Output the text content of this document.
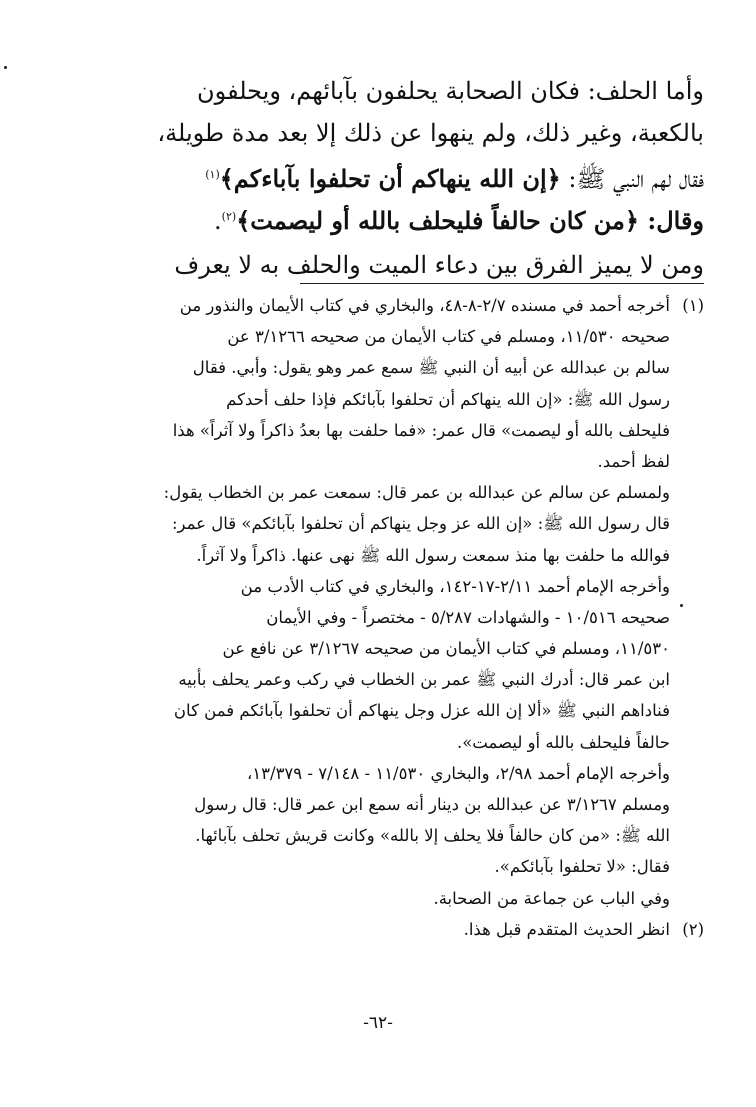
وأما الحلف: فكان الصحابة يحلفون بآبائهم، ويحلفون
بالكعبة، وغير ذلك، ولم ينهوا عن ذلك إلا بعد مدة طويلة،
فقال لهم النبي ﷺ: ﴿إن الله ينهاكم أن تحلفوا بآباءكم﴾$^{(١)}$
وقال: ﴿من كان حالفاً فليحلف بالله أو ليصمت﴾$^{(٢)}$.
ومن لا يميز الفرق بين دعاء الميت والحلف به لا يعرف
(١)
أخرجه أحمد في مسنده ٢/٧-٨-٤٨، والبخاري في كتاب الأيمان والنذور من
صحيحه ١١/٥٣٠، ومسلم في كتاب الأيمان من صحيحه ٣/١٢٦٦ عن
سالم بن عبدالله عن أبيه أن النبي ﷺ سمع عمر وهو يقول: وأبي. فقال
رسول الله ﷺ: «إن الله ينهاكم أن تحلفوا بآبائكم فإذا حلف أحدكم
فليحلف بالله أو ليصمت» قال عمر: «فما حلفت بها بعدُ ذاكراً ولا آثراً» هذا
لفظ أحمد.
ولمسلم عن سالم عن عبدالله بن عمر قال: سمعت عمر بن الخطاب يقول:
قال رسول الله ﷺ: «إن الله عز وجل ينهاكم أن تحلفوا بآبائكم» قال عمر:
فوالله ما حلفت بها منذ سمعت رسول الله ﷺ نهى عنها. ذاكراً ولا آثراً.
وأخرجه الإمام أحمد ٢/١١-١٧-١٤٢، والبخاري في كتاب الأدب من
صحيحه ١٠/٥١٦ - والشهادات ٥/٢٨٧ - مختصراً - وفي الأيمان
١١/٥٣٠، ومسلم في كتاب الأيمان من صحيحه ٣/١٢٦٧ عن نافع عن
ابن عمر قال: أدرك النبي ﷺ عمر بن الخطاب في ركب وعمر يحلف بأبيه
فناداهم النبي ﷺ «ألا إن الله عزل وجل ينهاكم أن تحلفوا بآبائكم فمن كان
حالفاً فليحلف بالله أو ليصمت».
وأخرجه الإمام أحمد ٢/٩٨، والبخاري ١١/٥٣٠ - ٧/١٤٨ - ١٣/٣٧٩،
ومسلم ٣/١٢٦٧ عن عبدالله بن دينار أنه سمع ابن عمر قال: قال رسول
الله ﷺ: «من كان حالفاً فلا يحلف إلا بالله» وكانت قريش تحلف بآبائها.
فقال: «لا تحلفوا بآبائكم».
وفي الباب عن جماعة من الصحابة.
(٢)
انظر الحديث المتقدم قبل هذا.
-٦٢-
